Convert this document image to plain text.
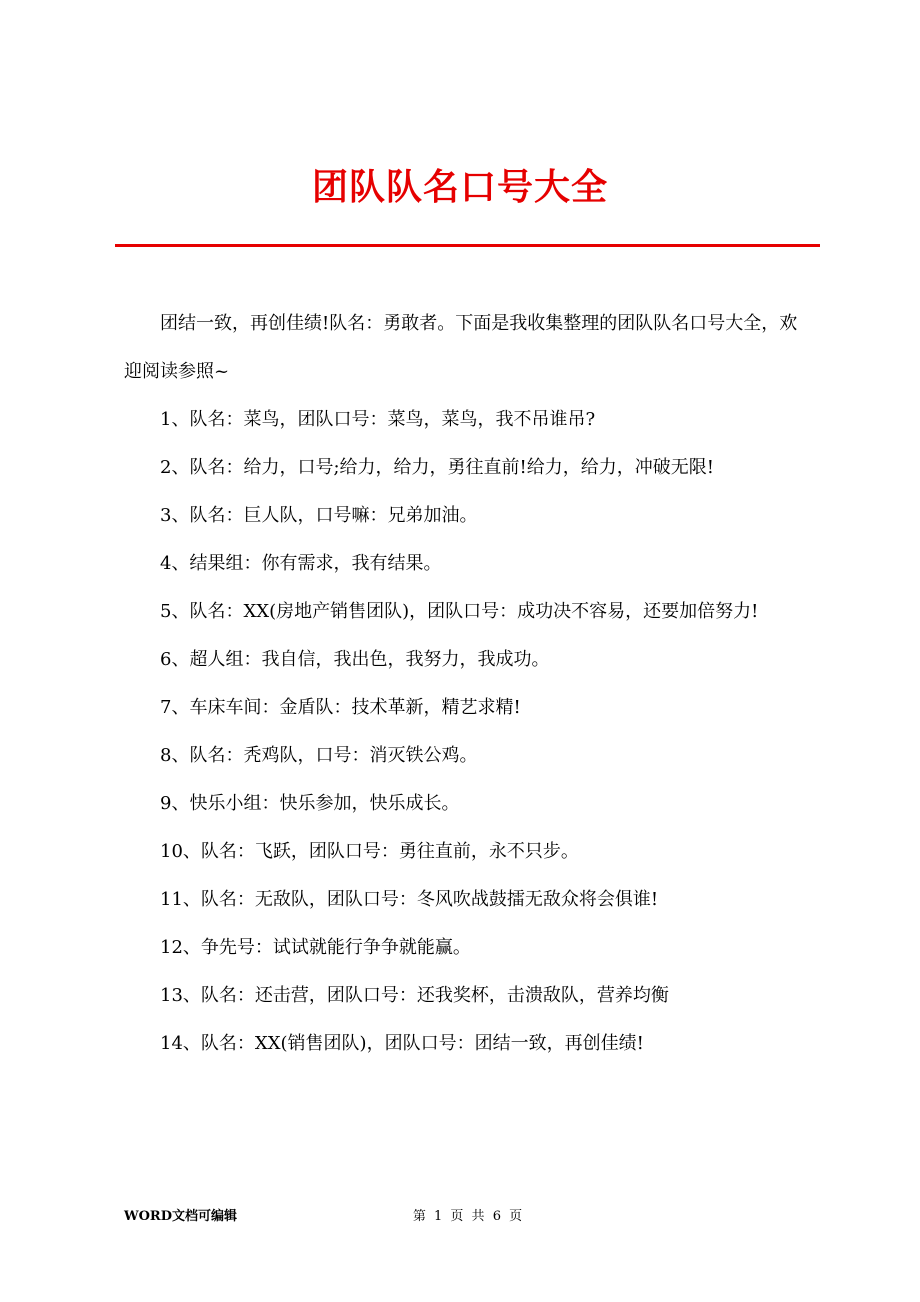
团队队名口号大全

团结一致，再创佳绩!队名：勇敢者。下面是我收集整理的团队队名口号大全，欢迎阅读参照~

1、队名：菜鸟，团队口号：菜鸟，菜鸟，我不吊谁吊?

2、队名：给力，口号;给力，给力，勇往直前!给力，给力，冲破无限!

3、队名：巨人队，口号嘛：兄弟加油。

4、结果组：你有需求，我有结果。

5、队名：XX(房地产销售团队)，团队口号：成功决不容易，还要加倍努力!

6、超人组：我自信，我出色，我努力，我成功。

7、车床车间：金盾队：技术革新，精艺求精!

8、队名：秃鸡队，口号：消灭铁公鸡。

9、快乐小组：快乐参加，快乐成长。

10、队名：飞跃，团队口号：勇往直前，永不只步。

11、队名：无敌队，团队口号：冬风吹战鼓擂无敌众将会俱谁!

12、争先号：试试就能行争争就能赢。

13、队名：还击营，团队口号：还我奖杯，击溃敌队，营养均衡

14、队名：XX(销售团队)，团队口号：团结一致，再创佳绩!

WORD文档可编辑	第 1 页 共 6 页
